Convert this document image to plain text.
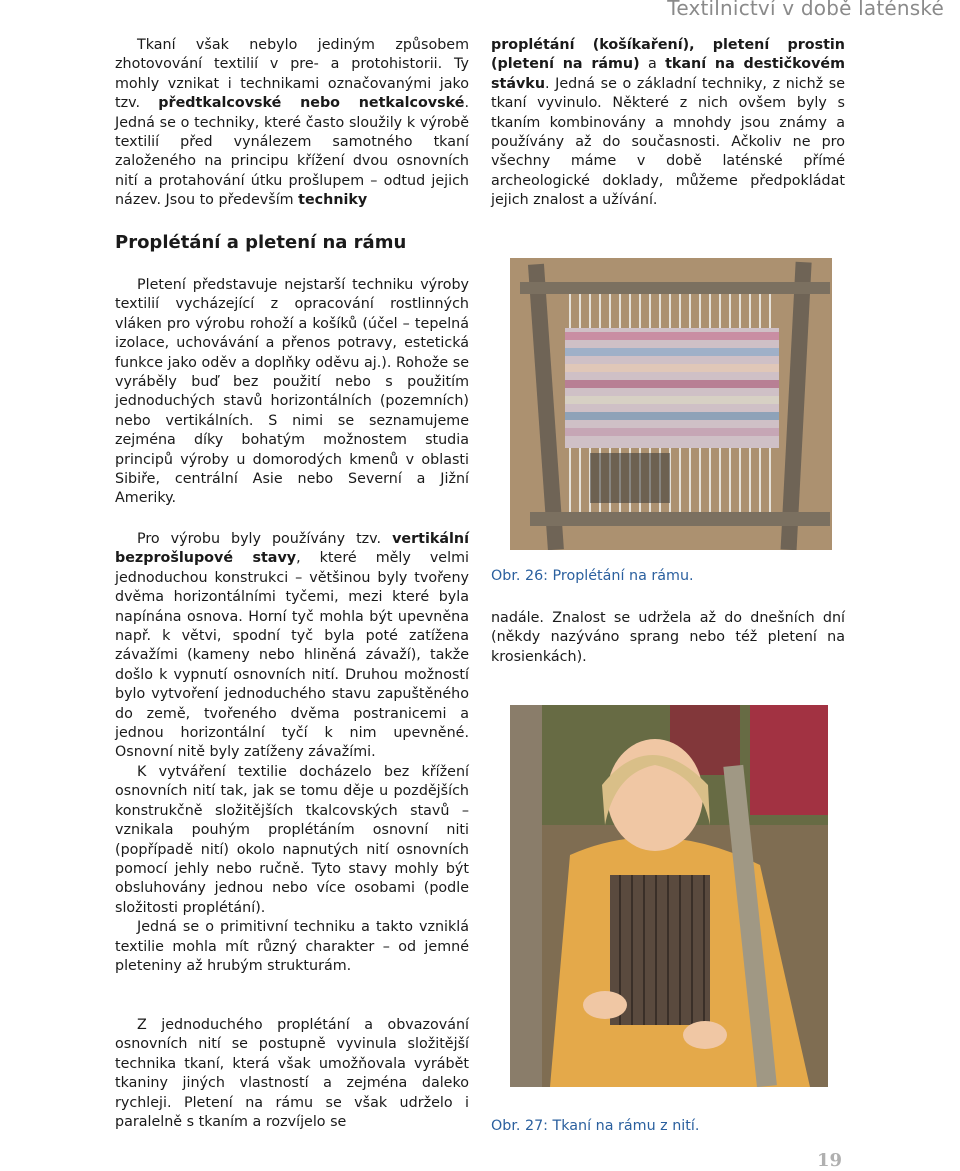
Textilnictví v době laténské

Tkaní však nebylo jediným způsobem zhotovování textilií v pre- a protohistorii. Ty mohly vznikat i technikami označovanými jako tzv. předtkalcovské nebo netkalcovské. Jedná se o techniky, které často sloužily k výrobě textilií před vynálezem samotného tkaní založeného na principu křížení dvou osnovních nití a protahování útku prošlupem – odtud jejich název. Jsou to především techniky

proplétání (košíkaření), pletení prostin (pletení na rámu) a tkaní na destičkovém stávku. Jedná se o základní techniky, z nichž se tkaní vyvinulo. Některé z nich ovšem byly s tkaním kombinovány a mnohdy jsou známy a používány až do současnosti. Ačkoliv ne pro všechny máme v době laténské přímé archeologické doklady, můžeme předpokládat jejich znalost a užívání.

Proplétání a pletení na rámu

Pletení představuje nejstarší techniku výroby textilií vycházející z opracování rostlinných vláken pro výrobu rohoží a košíků (účel – tepelná izolace, uchovávání a přenos potravy, estetická funkce jako oděv a doplňky oděvu aj.). Rohože se vyráběly buď bez použití nebo s použitím jednoduchých stavů horizontálních (pozemních) nebo vertikálních. S nimi se seznamujeme zejména díky bohatým možnostem studia principů výroby u domorodých kmenů v oblasti Sibiře, centrální Asie nebo Severní a Jižní Ameriky.

Pro výrobu byly používány tzv. vertikální bezprošlupové stavy, které měly velmi jednoduchou konstrukci – většinou byly tvořeny dvěma horizontálními tyčemi, mezi které byla napínána osnova. Horní tyč mohla být upevněna např. k větvi, spodní tyč byla poté zatížena závažími (kameny nebo hliněná závaží), takže došlo k vypnutí osnovních nití. Druhou možností bylo vytvoření jednoduchého stavu zapuštěného do země, tvořeného dvěma postranicemi a jednou horizontální tyčí k nim upevněné. Osnovní nitě byly zatíženy závažími.

K vytváření textilie docházelo bez křížení osnovních nití tak, jak se tomu děje u pozdějších konstrukčně složitějších tkalcovských stavů – vznikala pouhým proplétáním osnovní niti (popřípadě nití) okolo napnutých nití osnovních pomocí jehly nebo ručně. Tyto stavy mohly být obsluhovány jednou nebo více osobami (podle složitosti proplétání).

Jedná se o primitivní techniku a takto vzniklá textilie mohla mít různý charakter – od jemné pleteniny až hrubým strukturám.

Z jednoduchého proplétání a obvazování osnovních nití se postupně vyvinula složitější technika tkaní, která však umožňovala vyrábět tkaniny jiných vlastností a zejména daleko rychleji. Pletení na rámu se však udrželo i paralelně s tkaním a rozvíjelo se

Obr. 26: Proplétání na rámu.

nadále. Znalost se udržela až do dnešních dní (někdy nazýváno sprang nebo též pletení na krosienkách).

Obr. 27: Tkaní na rámu z nití.
19
